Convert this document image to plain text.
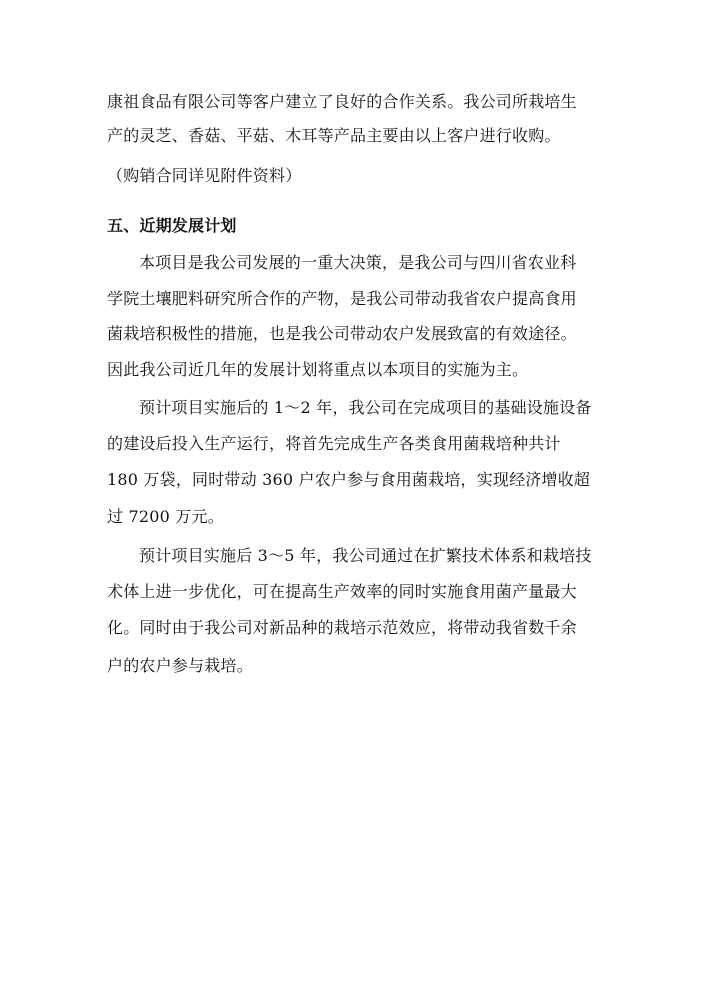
康祖食品有限公司等客户建立了良好的合作关系。我公司所栽培生
产的灵芝、香菇、平菇、木耳等产品主要由以上客户进行收购。
（购销合同详见附件资料）
五、近期发展计划
本项目是我公司发展的一重大决策，是我公司与四川省农业科
学院土壤肥料研究所合作的产物，是我公司带动我省农户提高食用
菌栽培积极性的措施，也是我公司带动农户发展致富的有效途径。
因此我公司近几年的发展计划将重点以本项目的实施为主。
预计项目实施后的 1～2 年，我公司在完成项目的基础设施设备
的建设后投入生产运行，将首先完成生产各类食用菌栽培种共计
180 万袋，同时带动 360 户农户参与食用菌栽培，实现经济增收超
过 7200 万元。
预计项目实施后 3～5 年，我公司通过在扩繁技术体系和栽培技
术体上进一步优化，可在提高生产效率的同时实施食用菌产量最大
化。同时由于我公司对新品种的栽培示范效应，将带动我省数千余
户的农户参与栽培。
